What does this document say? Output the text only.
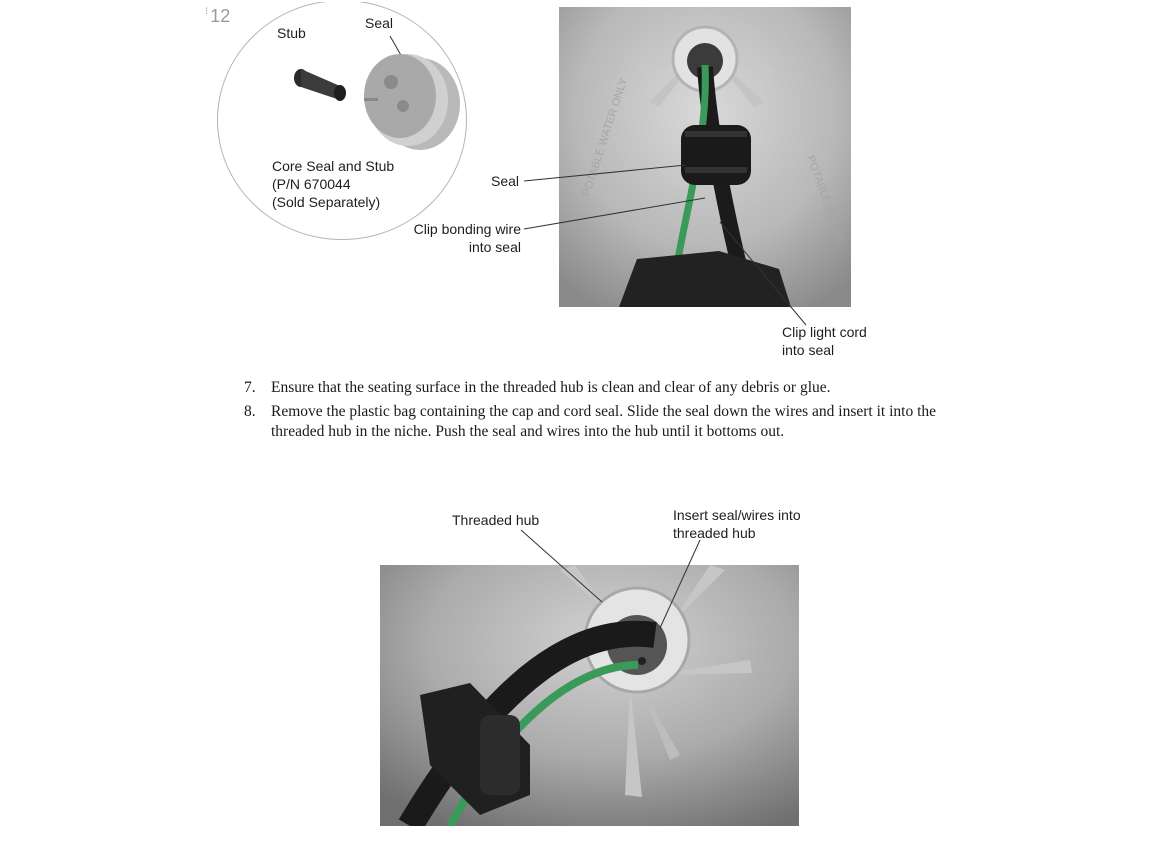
⁝ 12
Stub
Seal
Core Seal and Stub
(P/N 670044
(Sold Separately)
POTABLE WATER ONLY
POTABLE WATER
Seal
Clip bonding wire
into seal
Clip light cord
into seal
7. Ensure that the seating surface in the threaded hub is clean and clear of any debris or glue.
8. Remove the plastic bag containing the cap and cord seal. Slide the seal down the wires and insert it into the threaded hub in the niche. Push the seal and wires into the hub until it bottoms out.
Threaded hub	Insert seal/wires into
threaded hub
